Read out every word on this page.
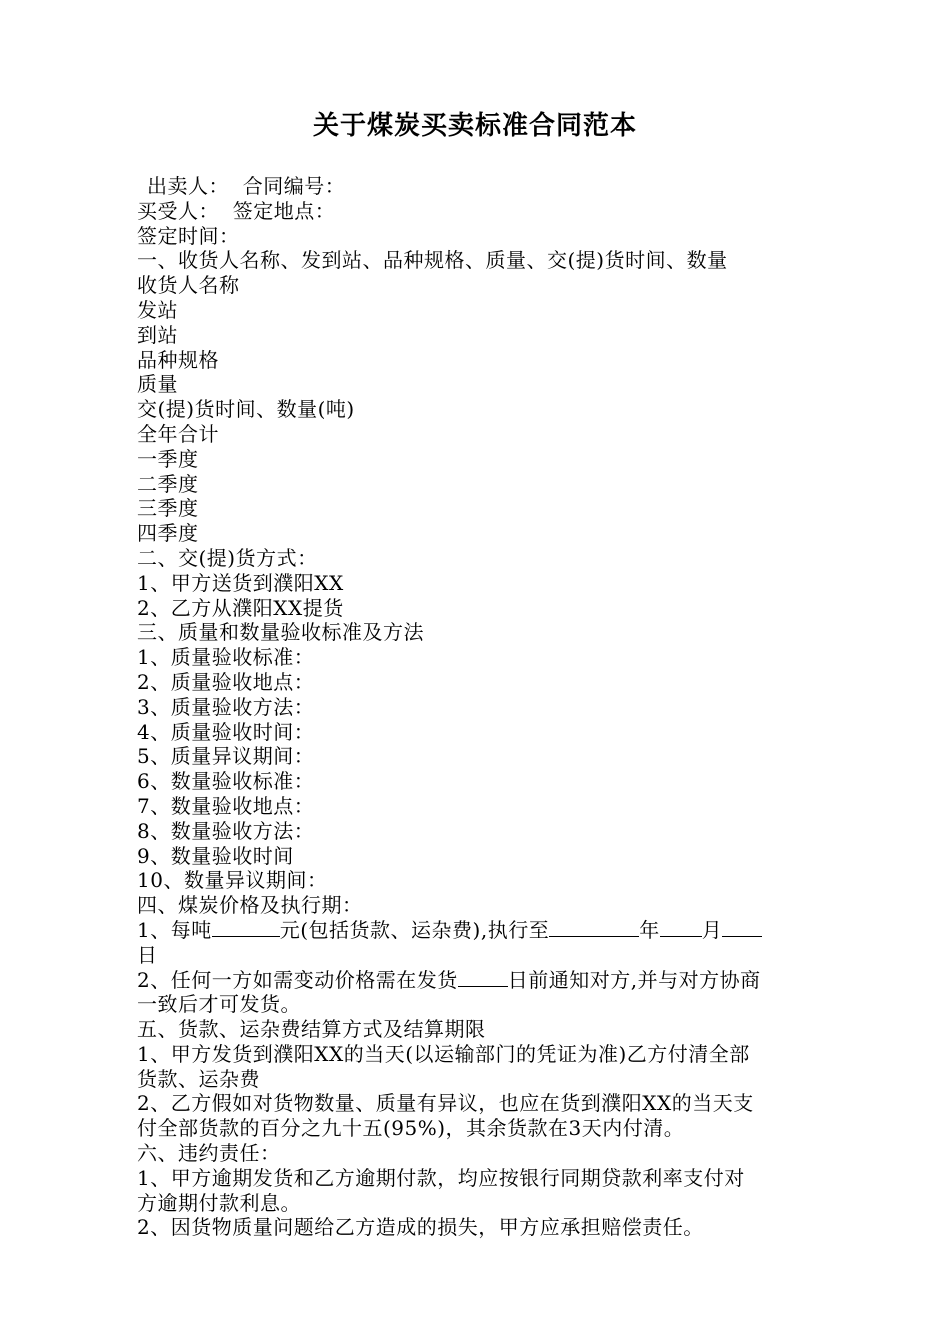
关于煤炭买卖标准合同范本
出卖人： 合同编号：
买受人： 签定地点：
签定时间：
一、收货人名称、发到站、品种规格、质量、交(提)货时间、数量
收货人名称
发站
到站
品种规格
质量
交(提)货时间、数量(吨)
全年合计
一季度
二季度
三季度
四季度
二、交(提)货方式：
1、甲方送货到濮阳XX
2、乙方从濮阳XX提货
三、质量和数量验收标准及方法
1、质量验收标准：
2、质量验收地点：
3、质量验收方法：
4、质量验收时间：
5、质量异议期间：
6、数量验收标准：
7、数量验收地点：
8、数量验收方法：
9、数量验收时间
10、数量异议期间：
四、煤炭价格及执行期：
1、每吨	元(包括货款、运杂费),执行至	年 月
日
2、任何一方如需变动价格需在发货	日前通知对方,并与对方协商
一致后才可发货。
五、货款、运杂费结算方式及结算期限
1、甲方发货到濮阳XX的当天(以运输部门的凭证为准)乙方付清全部
货款、运杂费
2、乙方假如对货物数量、质量有异议，也应在货到濮阳XX的当天支
付全部货款的百分之九十五(95%)，其余货款在3天内付清。
六、违约责任：
1、甲方逾期发货和乙方逾期付款，均应按银行同期贷款利率支付对
方逾期付款利息。
2、因货物质量问题给乙方造成的损失，甲方应承担赔偿责任。
